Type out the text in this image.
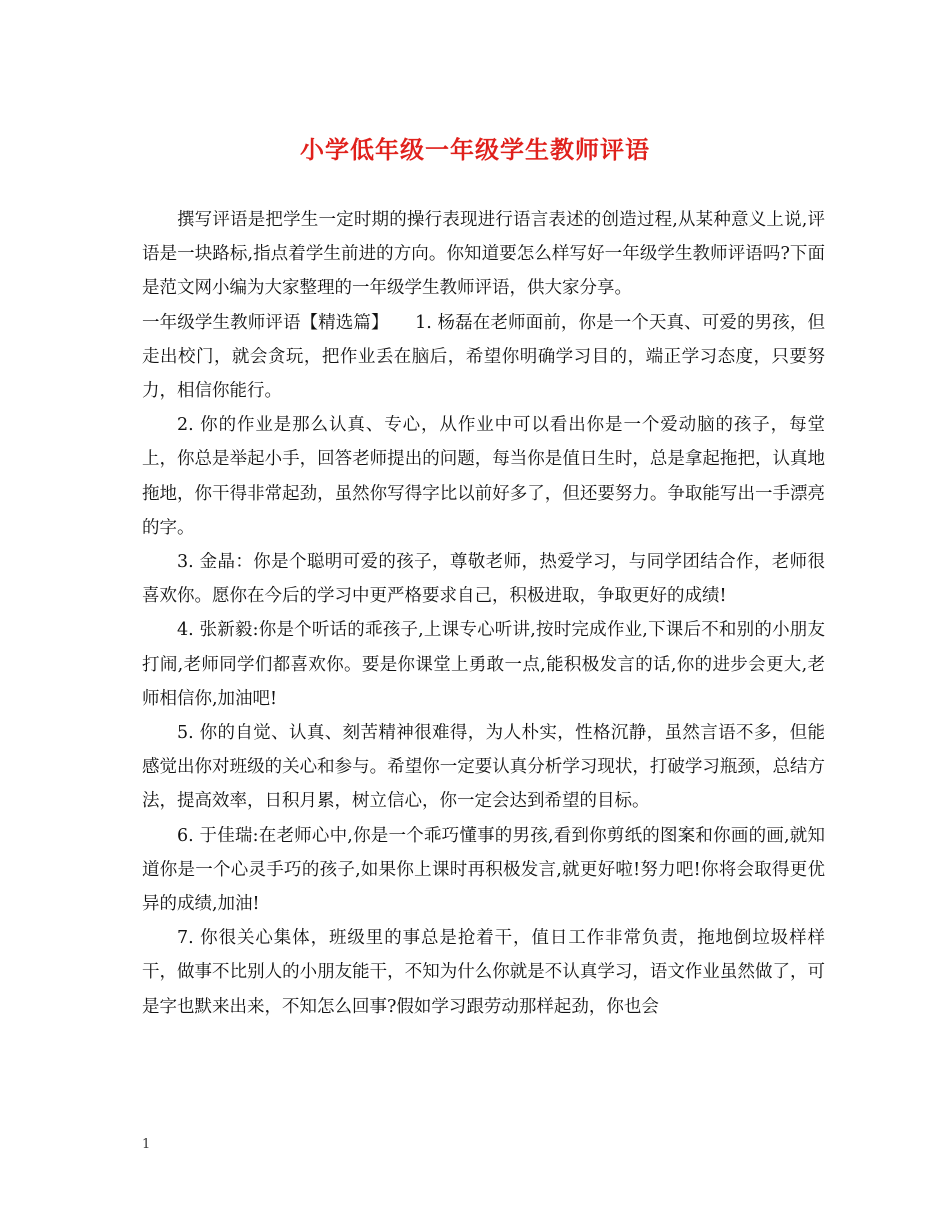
小学低年级一年级学生教师评语

撰写评语是把学生一定时期的操行表现进行语言表述的创造过程,从某种意义上说,评语是一块路标,指点着学生前进的方向。你知道要怎么样写好一年级学生教师评语吗?下面是范文网小编为大家整理的一年级学生教师评语，供大家分享。

一年级学生教师评语【精选篇】　　1. 杨磊在老师面前，你是一个天真、可爱的男孩，但走出校门，就会贪玩，把作业丢在脑后，希望你明确学习目的，端正学习态度，只要努力，相信你能行。

2. 你的作业是那么认真、专心，从作业中可以看出你是一个爱动脑的孩子，每堂上，你总是举起小手，回答老师提出的问题，每当你是值日生时，总是拿起拖把，认真地拖地，你干得非常起劲，虽然你写得字比以前好多了，但还要努力。争取能写出一手漂亮的字。

3. 金晶：你是个聪明可爱的孩子，尊敬老师，热爱学习，与同学团结合作，老师很喜欢你。愿你在今后的学习中更严格要求自己，积极进取，争取更好的成绩!

4. 张新毅:你是个听话的乖孩子,上课专心听讲,按时完成作业,下课后不和别的小朋友打闹,老师同学们都喜欢你。要是你课堂上勇敢一点,能积极发言的话,你的进步会更大,老师相信你,加油吧!

5. 你的自觉、认真、刻苦精神很难得，为人朴实，性格沉静，虽然言语不多，但能感觉出你对班级的关心和参与。希望你一定要认真分析学习现状，打破学习瓶颈，总结方法，提高效率，日积月累，树立信心，你一定会达到希望的目标。

6. 于佳瑞:在老师心中,你是一个乖巧懂事的男孩,看到你剪纸的图案和你画的画,就知道你是一个心灵手巧的孩子,如果你上课时再积极发言,就更好啦!努力吧!你将会取得更优异的成绩,加油!

7. 你很关心集体，班级里的事总是抢着干，值日工作非常负责，拖地倒垃圾样样干，做事不比别人的小朋友能干，不知为什么你就是不认真学习，语文作业虽然做了，可是字也默来出来，不知怎么回事?假如学习跟劳动那样起劲，你也会

1
